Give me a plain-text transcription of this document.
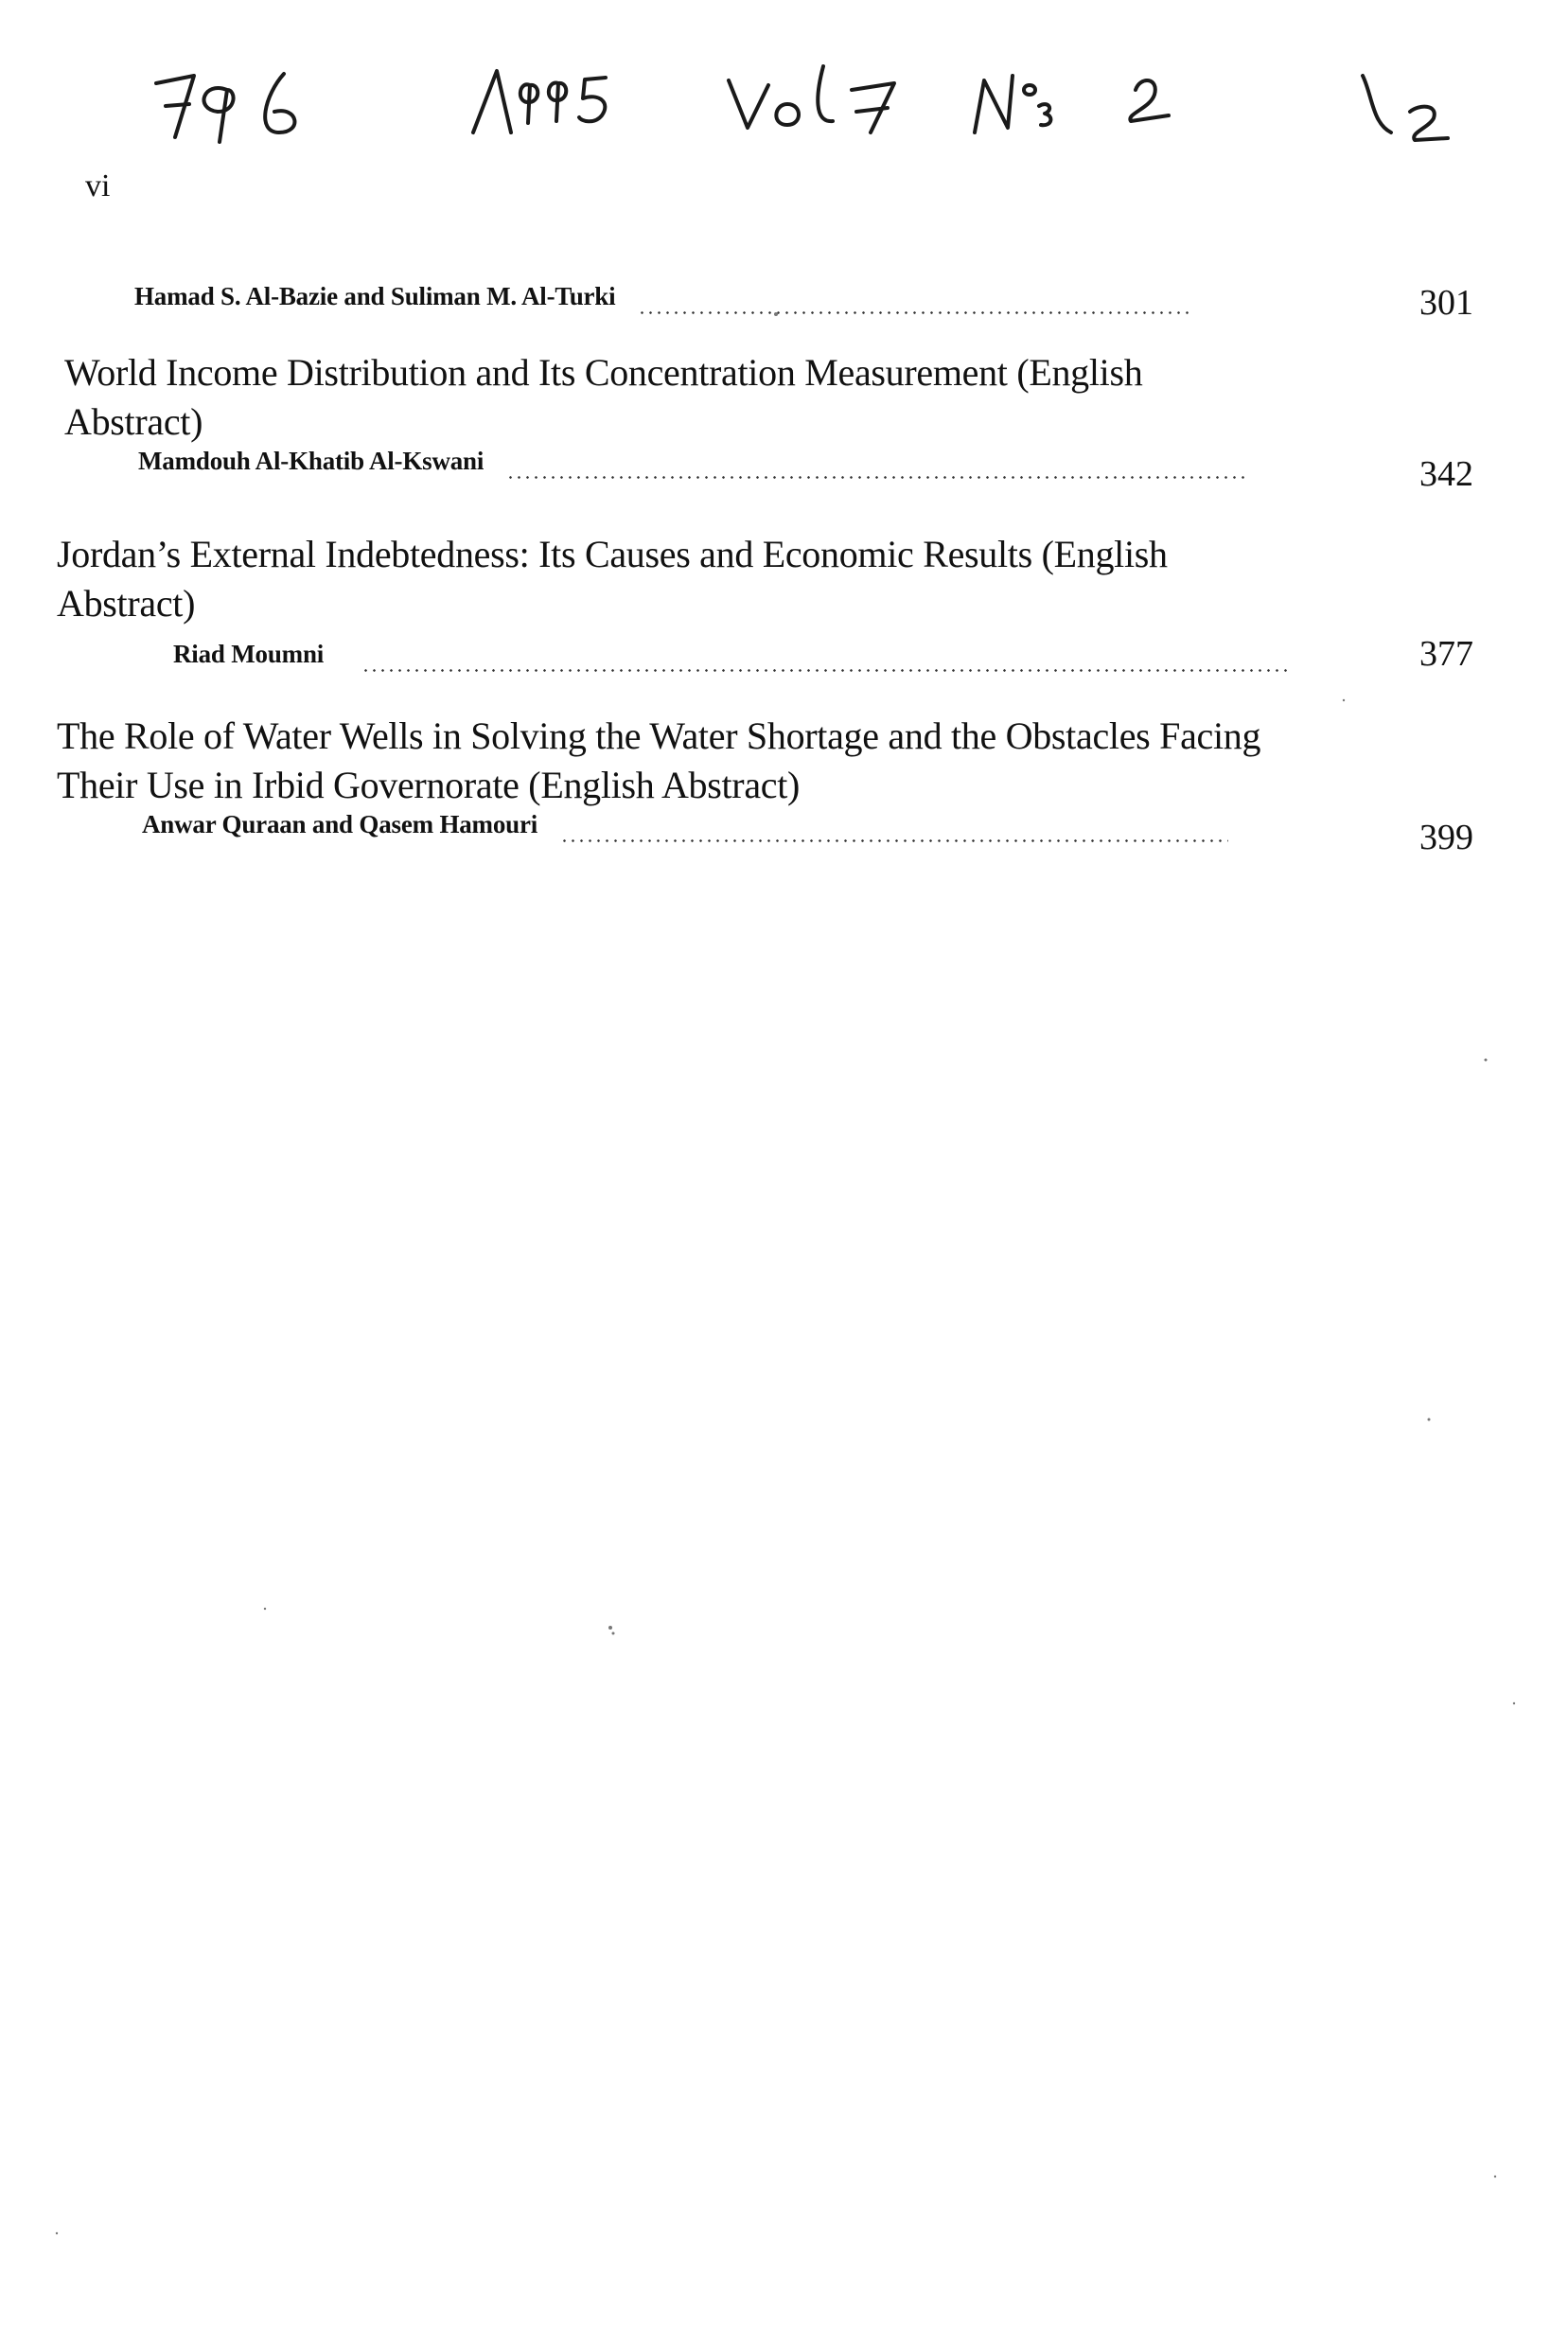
vi
Hamad S. Al-Bazie and Suliman M. Al-Turki	301
World Income Distribution and Its Concentration Measurement (English Abstract)
Mamdouh Al-Khatib Al-Kswani	342
Jordan’s External Indebtedness: Its Causes and Economic Results (English Abstract)
Riad Moumni	377
The Role of Water Wells in Solving the Water Shortage and the Obstacles Facing Their Use in Irbid Governorate (English Abstract)
Anwar Quraan and Qasem Hamouri	399
